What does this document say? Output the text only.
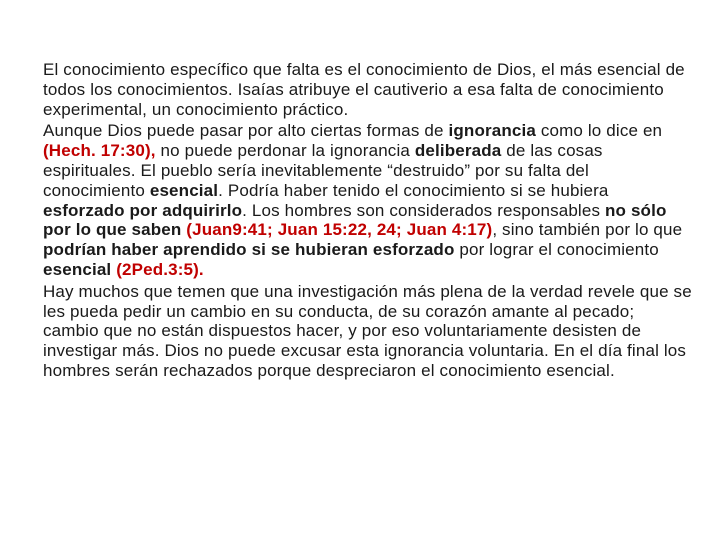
El conocimiento específico que falta es el conocimiento de Dios, el más esencial de todos los conocimientos. Isaías atribuye el cautiverio a esa falta de conocimiento experimental, un conocimiento práctico.

Aunque Dios puede pasar por alto ciertas formas de ignorancia como lo dice en (Hech. 17:30), no puede perdonar la ignorancia deliberada de las cosas espirituales. El pueblo sería inevitablemente “destruido” por su falta del conocimiento esencial. Podría haber tenido el conocimiento si se hubiera esforzado por adquirirlo. Los hombres son considerados responsables no sólo por lo que saben (Juan9:41; Juan 15:22, 24; Juan 4:17), sino también por lo que podrían haber aprendido si se hubieran esforzado por lograr el conocimiento esencial (2Ped.3:5).

Hay muchos que temen que una investigación más plena de la verdad revele que se les pueda pedir un cambio en su conducta, de su corazón amante al pecado; cambio que no están dispuestos hacer, y por eso voluntariamente desisten de investigar más. Dios no puede excusar esta ignorancia voluntaria. En el día final los hombres serán rechazados porque despreciaron el conocimiento esencial.
